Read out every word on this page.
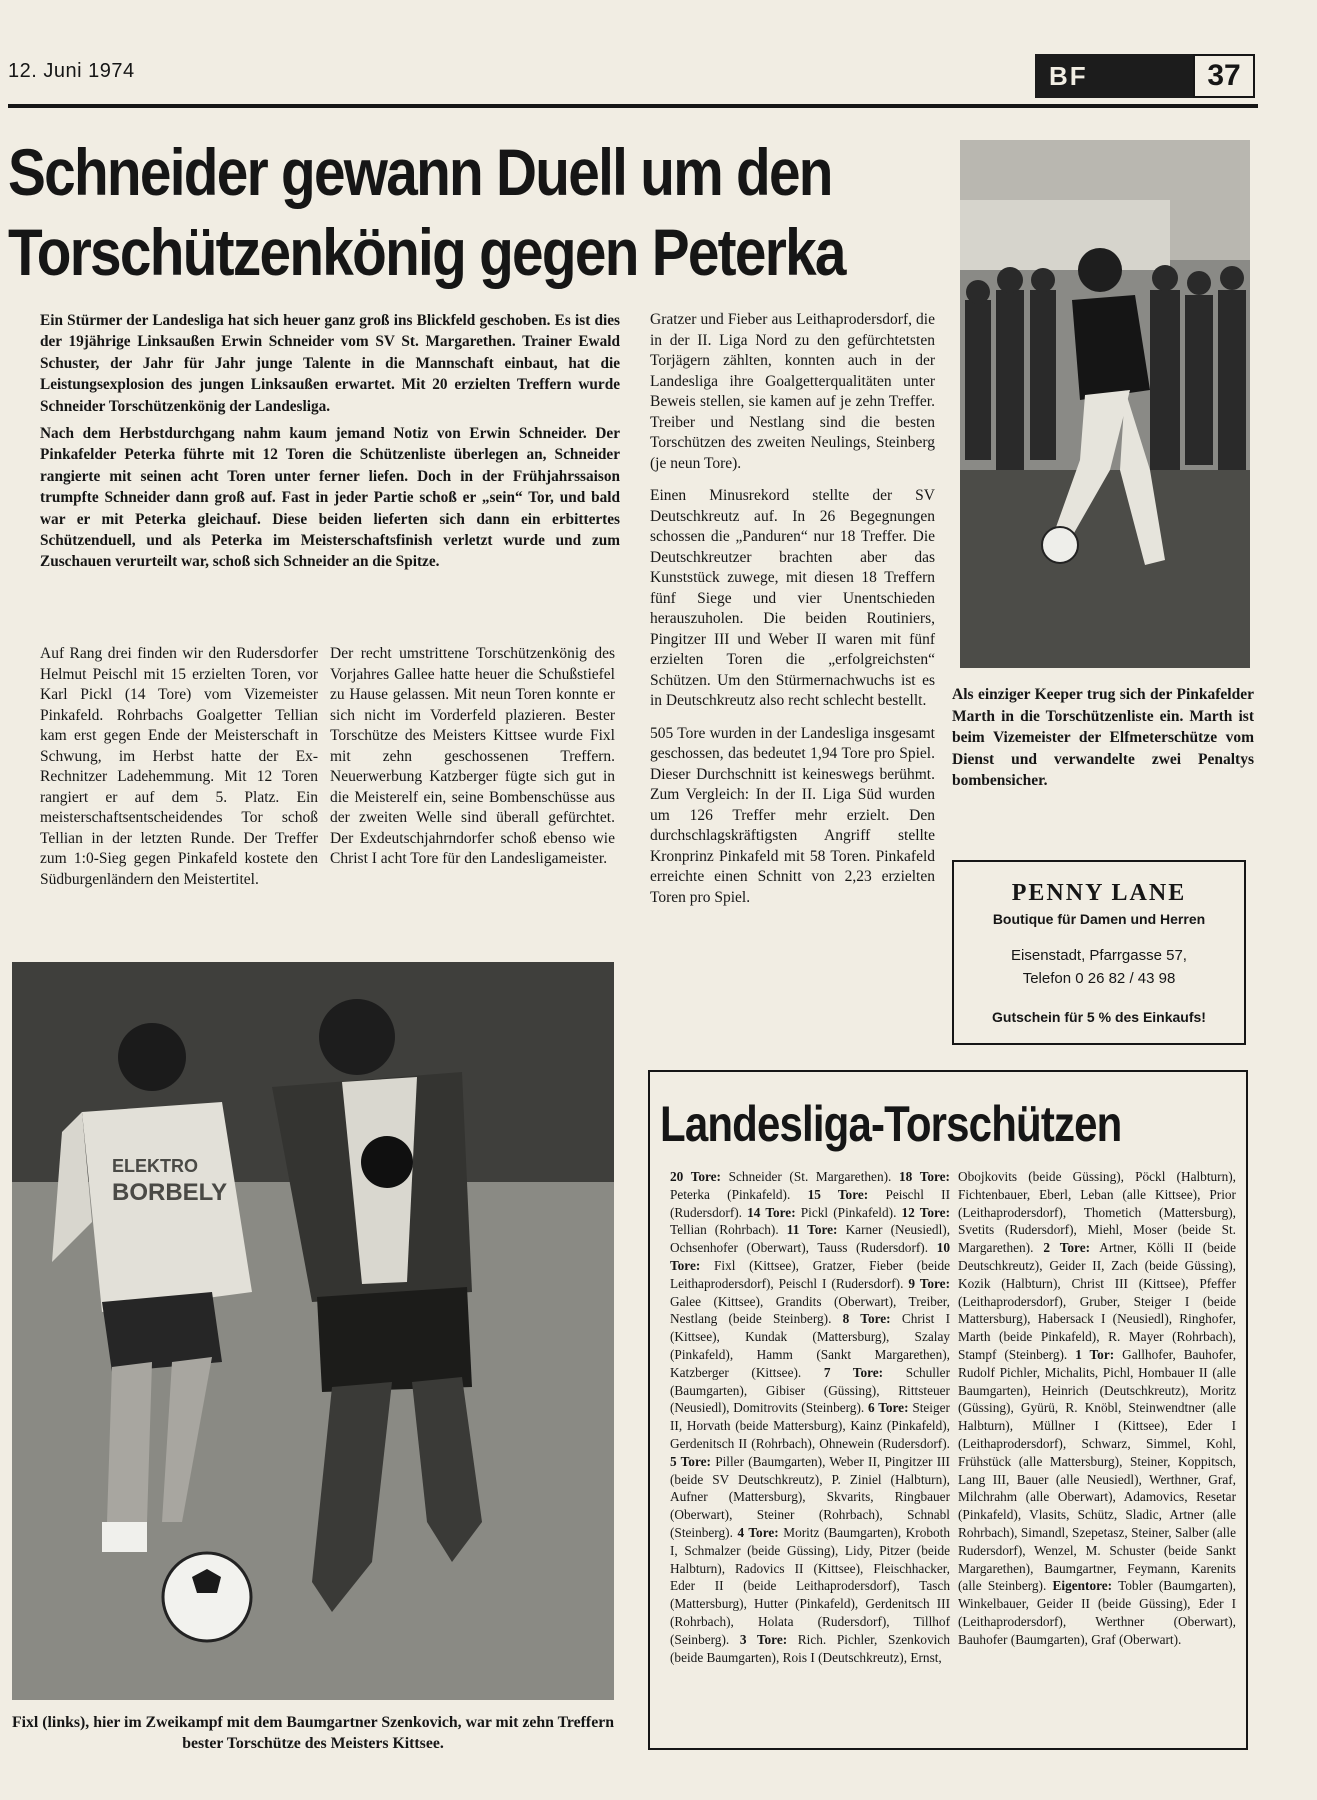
12. Juni 1974	BF	37
Schneider gewann Duell um den
Torschützenkönig gegen Peterka

Ein Stürmer der Landesliga hat sich heuer ganz groß ins Blickfeld geschoben. Es ist dies der 19jährige Linksaußen Erwin Schneider vom SV St. Margarethen. Trainer Ewald Schuster, der Jahr für Jahr junge Talente in die Mannschaft einbaut, hat die Leistungsexplosion des jungen Linksaußen erwartet. Mit 20 erzielten Treffern wurde Schneider Torschützenkönig der Landesliga.

Nach dem Herbstdurchgang nahm kaum jemand Notiz von Erwin Schneider. Der Pinkafelder Peterka führte mit 12 Toren die Schützenliste überlegen an, Schneider rangierte mit seinen acht Toren unter ferner liefen. Doch in der Frühjahrssaison trumpfte Schneider dann groß auf. Fast in jeder Partie schoß er „sein“ Tor, und bald war er mit Peterka gleichauf. Diese beiden lieferten sich dann ein erbittertes Schützenduell, und als Peterka im Meisterschaftsfinish verletzt wurde und zum Zuschauen verurteilt war, schoß sich Schneider an die Spitze.

Auf Rang drei finden wir den Rudersdorfer Helmut Peischl mit 15 erzielten Toren, vor Karl Pickl (14 Tore) vom Vizemeister Pinkafeld. Rohrbachs Goalgetter Tellian kam erst gegen Ende der Meisterschaft in Schwung, im Herbst hatte der Ex-Rechnitzer Ladehemmung. Mit 12 Toren rangiert er auf dem 5. Platz. Ein meisterschaftsentscheidendes Tor schoß Tellian in der letzten Runde. Der Treffer zum 1:0-Sieg gegen Pinkafeld kostete den Südburgenländern den Meistertitel.

Der recht umstrittene Torschützenkönig des Vorjahres Gallee hatte heuer die Schußstiefel zu Hause gelassen. Mit neun Toren konnte er sich nicht im Vorderfeld plazieren. Bester Torschütze des Meisters Kittsee wurde Fixl mit zehn geschossenen Treffern. Neuerwerbung Katzberger fügte sich gut in die Meisterelf ein, seine Bombenschüsse aus der zweiten Welle sind überall gefürchtet. Der Exdeutschjahrndorfer schoß ebenso wie Christ I acht Tore für den Landesligameister.

Gratzer und Fieber aus Leithaprodersdorf, die in der II. Liga Nord zu den gefürchtetsten Torjägern zählten, konnten auch in der Landesliga ihre Goalgetterqualitäten unter Beweis stellen, sie kamen auf je zehn Treffer. Treiber und Nestlang sind die besten Torschützen des zweiten Neulings, Steinberg (je neun Tore).

Einen Minusrekord stellte der SV Deutschkreutz auf. In 26 Begegnungen schossen die „Panduren“ nur 18 Treffer. Die Deutschkreutzer brachten aber das Kunststück zuwege, mit diesen 18 Treffern fünf Siege und vier Unentschieden herauszuholen. Die beiden Routiniers, Pingitzer III und Weber II waren mit fünf erzielten Toren die „erfolgreichsten“ Schützen. Um den Stürmernachwuchs ist es in Deutschkreutz also recht schlecht bestellt.

505 Tore wurden in der Landesliga insgesamt geschossen, das bedeutet 1,94 Tore pro Spiel. Dieser Durchschnitt ist keineswegs berühmt. Zum Vergleich: In der II. Liga Süd wurden um 126 Treffer mehr erzielt. Den durchschlagskräftigsten Angriff stellte Kronprinz Pinkafeld mit 58 Toren. Pinkafeld erreichte einen Schnitt von 2,23 erzielten Toren pro Spiel.

Als einziger Keeper trug sich der Pinkafelder Marth in die Torschützenliste ein. Marth ist beim Vizemeister der Elfmeterschütze vom Dienst und verwandelte zwei Penaltys bombensicher.
ELEKTRO
BORBELY
Fixl (links), hier im Zweikampf mit dem Baumgartner Szenkovich, war mit zehn Treffern bester Torschütze des Meisters Kittsee.
PENNY LANE
Boutique für Damen und Herren
Eisenstadt, Pfarrgasse 57,
Telefon 0 26 82 / 43 98
Gutschein für 5 % des Einkaufs!
Landesliga-Torschützen
20 Tore: Schneider (St. Margarethen). 18 Tore: Peterka (Pinkafeld). 15 Tore: Peischl II (Rudersdorf). 14 Tore: Pickl (Pinkafeld). 12 Tore: Tellian (Rohrbach). 11 Tore: Karner (Neusiedl), Ochsenhofer (Oberwart), Tauss (Rudersdorf). 10 Tore: Fixl (Kittsee), Gratzer, Fieber (beide Leithaprodersdorf), Peischl I (Rudersdorf). 9 Tore: Galee (Kittsee), Grandits (Oberwart), Treiber, Nestlang (beide Steinberg). 8 Tore: Christ I (Kittsee), Kundak (Mattersburg), Szalay (Pinkafeld), Hamm (Sankt Margarethen), Katzberger (Kittsee). 7 Tore: Schuller (Baumgarten), Gibiser (Güssing), Rittsteuer (Neusiedl), Domitrovits (Steinberg). 6 Tore: Steiger II, Horvath (beide Mattersburg), Kainz (Pinkafeld), Gerdenitsch II (Rohrbach), Ohnewein (Rudersdorf). 5 Tore: Piller (Baumgarten), Weber II, Pingitzer III (beide SV Deutschkreutz), P. Ziniel (Halbturn), Aufner (Mattersburg), Skvarits, Ringbauer (Oberwart), Steiner (Rohrbach), Schnabl (Steinberg). 4 Tore: Moritz (Baumgarten), Kroboth I, Schmalzer (beide Güssing), Lidy, Pitzer (beide Halbturn), Radovics II (Kittsee), Fleischhacker, Eder II (beide Leithaprodersdorf), Tasch (Mattersburg), Hutter (Pinkafeld), Gerdenitsch III (Rohrbach), Holata (Rudersdorf), Tillhof (Seinberg). 3 Tore: Rich. Pichler, Szenkovich (beide Baumgarten), Rois I (Deutschkreutz), Ernst,
Obojkovits (beide Güssing), Pöckl (Halbturn), Fichtenbauer, Eberl, Leban (alle Kittsee), Prior (Leithaprodersdorf), Thometich (Mattersburg), Svetits (Rudersdorf), Miehl, Moser (beide St. Margarethen). 2 Tore: Artner, Kölli II (beide Deutschkreutz), Geider II, Zach (beide Güssing), Kozik (Halbturn), Christ III (Kittsee), Pfeffer (Leithaprodersdorf), Gruber, Steiger I (beide Mattersburg), Habersack I (Neusiedl), Ringhofer, Marth (beide Pinkafeld), R. Mayer (Rohrbach), Stampf (Steinberg). 1 Tor: Gallhofer, Bauhofer, Rudolf Pichler, Michalits, Pichl, Hombauer II (alle Baumgarten), Heinrich (Deutschkreutz), Moritz (Güssing), Gyürü, R. Knöbl, Steinwendtner (alle Halbturn), Müllner I (Kittsee), Eder I (Leithaprodersdorf), Schwarz, Simmel, Kohl, Frühstück (alle Mattersburg), Steiner, Koppitsch, Lang III, Bauer (alle Neusiedl), Werthner, Graf, Milchrahm (alle Oberwart), Adamovics, Resetar (Pinkafeld), Vlasits, Schütz, Sladic, Artner (alle Rohrbach), Simandl, Szepetasz, Steiner, Salber (alle Rudersdorf), Wenzel, M. Schuster (beide Sankt Margarethen), Baumgartner, Feymann, Karenits (alle Steinberg). Eigentore: Tobler (Baumgarten), Winkelbauer, Geider II (beide Güssing), Eder I (Leithaprodersdorf), Werthner (Oberwart), Bauhofer (Baumgarten), Graf (Oberwart).
